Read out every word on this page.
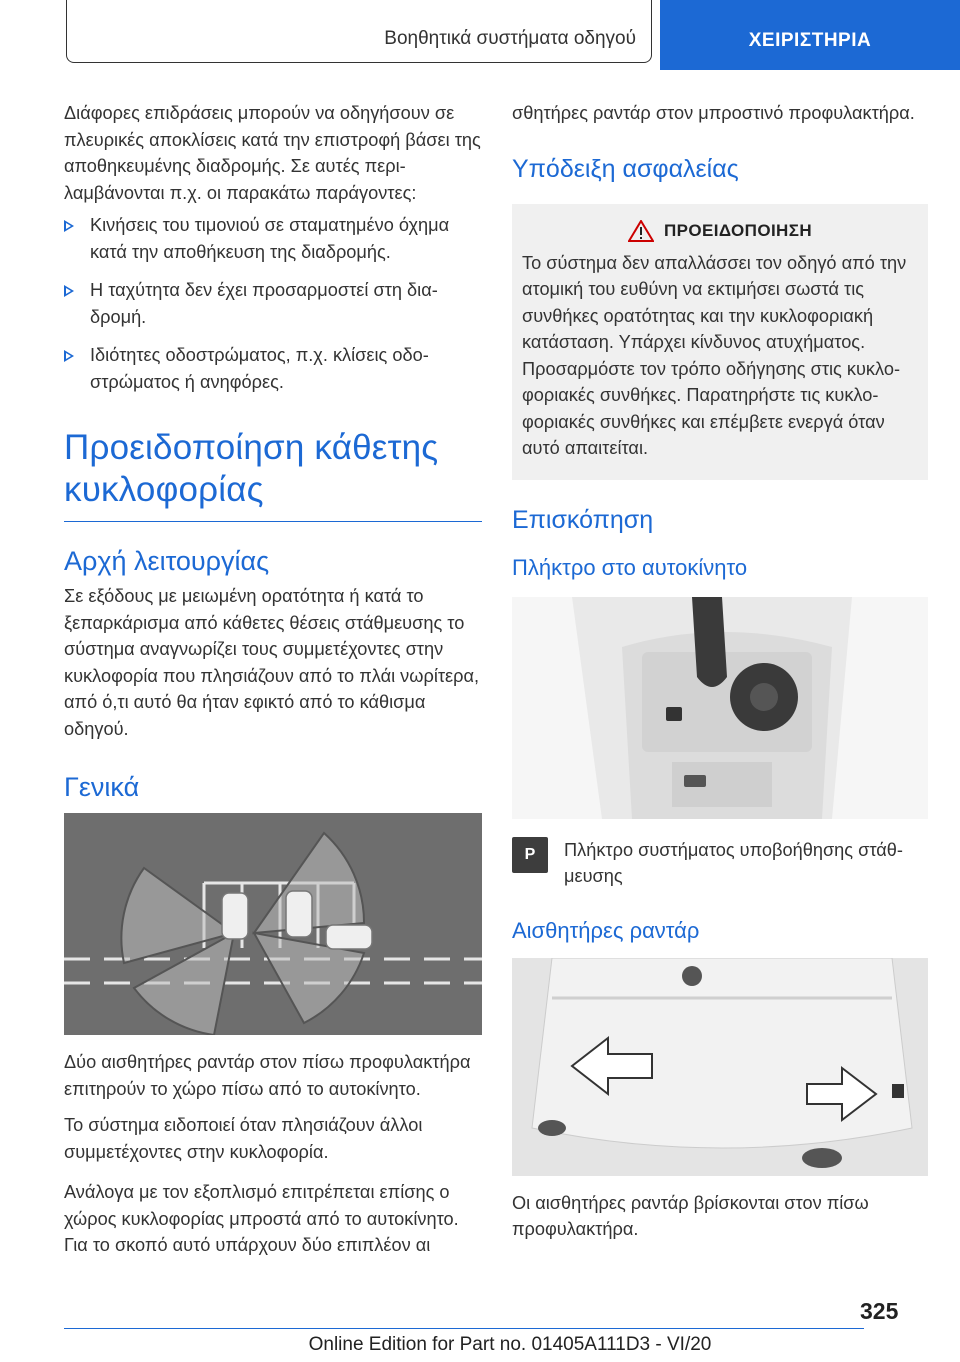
Βοηθητικά συστήματα οδηγού	ΧΕΙΡΙΣΤΗΡΙΑ

Διάφορες επιδράσεις μπορούν να οδηγήσουν σε πλευρικές αποκλίσεις κατά την επιστροφή βάσει της αποθηκευμένης διαδρομής. Σε αυτές περιλαμβάνονται π.χ. οι παρακάτω παράγοντες:

Κινήσεις του τιμονιού σε σταματημένο όχημα κατά την αποθήκευση της διαδρομής.
Η ταχύτητα δεν έχει προσαρμοστεί στη διαδρομή.
Ιδιότητες οδοστρώματος, π.χ. κλίσεις οδοστρώματος ή ανηφόρες.
Προειδοποίηση κάθετης κυκλοφορίας
Αρχή λειτουργίας

Σε εξόδους με μειωμένη ορατότητα ή κατά το ξεπαρκάρισμα από κάθετες θέσεις στάθμευσης το σύστημα αναγνωρίζει τους συμμετέχοντες στην κυκλοφορία που πλησιάζουν από το πλάι νωρίτερα, από ό,τι αυτό θα ήταν εφικτό από το κάθισμα οδηγού.

Γενικά

Δύο αισθητήρες ραντάρ στον πίσω προφυλακτήρα επιτηρούν το χώρο πίσω από το αυτοκίνητο.

Το σύστημα ειδοποιεί όταν πλησιάζουν άλλοι συμμετέχοντες στην κυκλοφορία.

Ανάλογα με τον εξοπλισμό επιτρέπεται επίσης ο χώρος κυκλοφορίας μπροστά από το αυτοκίνητο. Για το σκοπό αυτό υπάρχουν δύο επιπλέον αι

σθητήρες ραντάρ στον μπροστινό προφυλακτήρα.

Υπόδειξη ασφαλείας
ΠΡΟΕΙΔΟΠΟΙΗΣΗ

Το σύστημα δεν απαλλάσσει τον οδηγό από την ατομική του ευθύνη να εκτιμήσει σωστά τις συνθήκες ορατότητας και την κυκλοφοριακή κατάσταση. Υπάρχει κίνδυνος ατυχήματος. Προσαρμόστε τον τρόπο οδήγησης στις κυκλοφοριακές συνθήκες. Παρατηρήστε τις κυκλοφοριακές συνθήκες και επέμβετε ενεργά όταν αυτό απαιτείται.

Επισκόπηση
Πλήκτρο στο αυτοκίνητο
P	Πλήκτρο συστήματος υποβοήθησης στάθμευσης

Αισθητήρες ραντάρ

Οι αισθητήρες ραντάρ βρίσκονται στον πίσω προφυλακτήρα.

325
Online Edition for Part no. 01405A111D3 - VI/20
